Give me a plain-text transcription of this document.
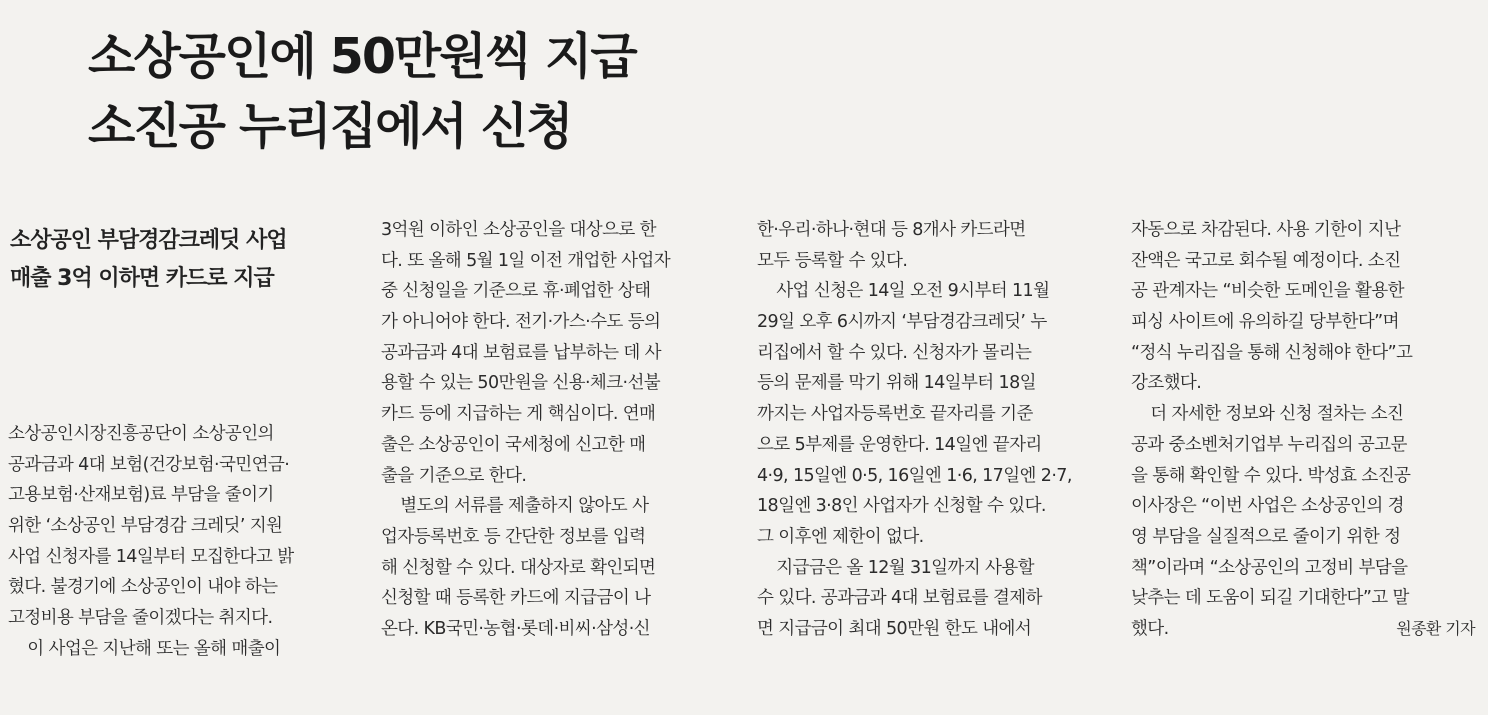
소상공인에 50만원씩 지급
소진공 누리집에서 신청
소상공인 부담경감크레딧 사업
매출 3억 이하면 카드로 지급
소상공인시장진흥공단이 소상공인의
공과금과 4대 보험(건강보험·국민연금·
고용보험·산재보험)료 부담을 줄이기
위한 ‘소상공인 부담경감 크레딧’ 지원
사업 신청자를 14일부터 모집한다고 밝
혔다. 불경기에 소상공인이 내야 하는
고정비용 부담을 줄이겠다는 취지다.
이 사업은 지난해 또는 올해 매출이
3억원 이하인 소상공인을 대상으로 한
다. 또 올해 5월 1일 이전 개업한 사업자
중 신청일을 기준으로 휴·폐업한 상태
가 아니어야 한다. 전기·가스·수도 등의
공과금과 4대 보험료를 납부하는 데 사
용할 수 있는 50만원을 신용·체크·선불
카드 등에 지급하는 게 핵심이다. 연매
출은 소상공인이 국세청에 신고한 매
출을 기준으로 한다.
별도의 서류를 제출하지 않아도 사
업자등록번호 등 간단한 정보를 입력
해 신청할 수 있다. 대상자로 확인되면
신청할 때 등록한 카드에 지급금이 나
온다. KB국민·농협·롯데·비씨·삼성·신
한·우리·하나·현대 등 8개사 카드라면
모두 등록할 수 있다.
사업 신청은 14일 오전 9시부터 11월
29일 오후 6시까지 ‘부담경감크레딧’ 누
리집에서 할 수 있다. 신청자가 몰리는
등의 문제를 막기 위해 14일부터 18일
까지는 사업자등록번호 끝자리를 기준
으로 5부제를 운영한다. 14일엔 끝자리
4·9, 15일엔 0·5, 16일엔 1·6, 17일엔 2·7,
18일엔 3·8인 사업자가 신청할 수 있다.
그 이후엔 제한이 없다.
지급금은 올 12월 31일까지 사용할
수 있다. 공과금과 4대 보험료를 결제하
면 지급금이 최대 50만원 한도 내에서
자동으로 차감된다. 사용 기한이 지난
잔액은 국고로 회수될 예정이다. 소진
공 관계자는 “비슷한 도메인을 활용한
피싱 사이트에 유의하길 당부한다”며
“정식 누리집을 통해 신청해야 한다”고
강조했다.
더 자세한 정보와 신청 절차는 소진
공과 중소벤처기업부 누리집의 공고문
을 통해 확인할 수 있다. 박성효 소진공
이사장은 “이번 사업은 소상공인의 경
영 부담을 실질적으로 줄이기 위한 정
책”이라며 “소상공인의 고정비 부담을
낮추는 데 도움이 되길 기대한다”고 말
했다.	원종환 기자
